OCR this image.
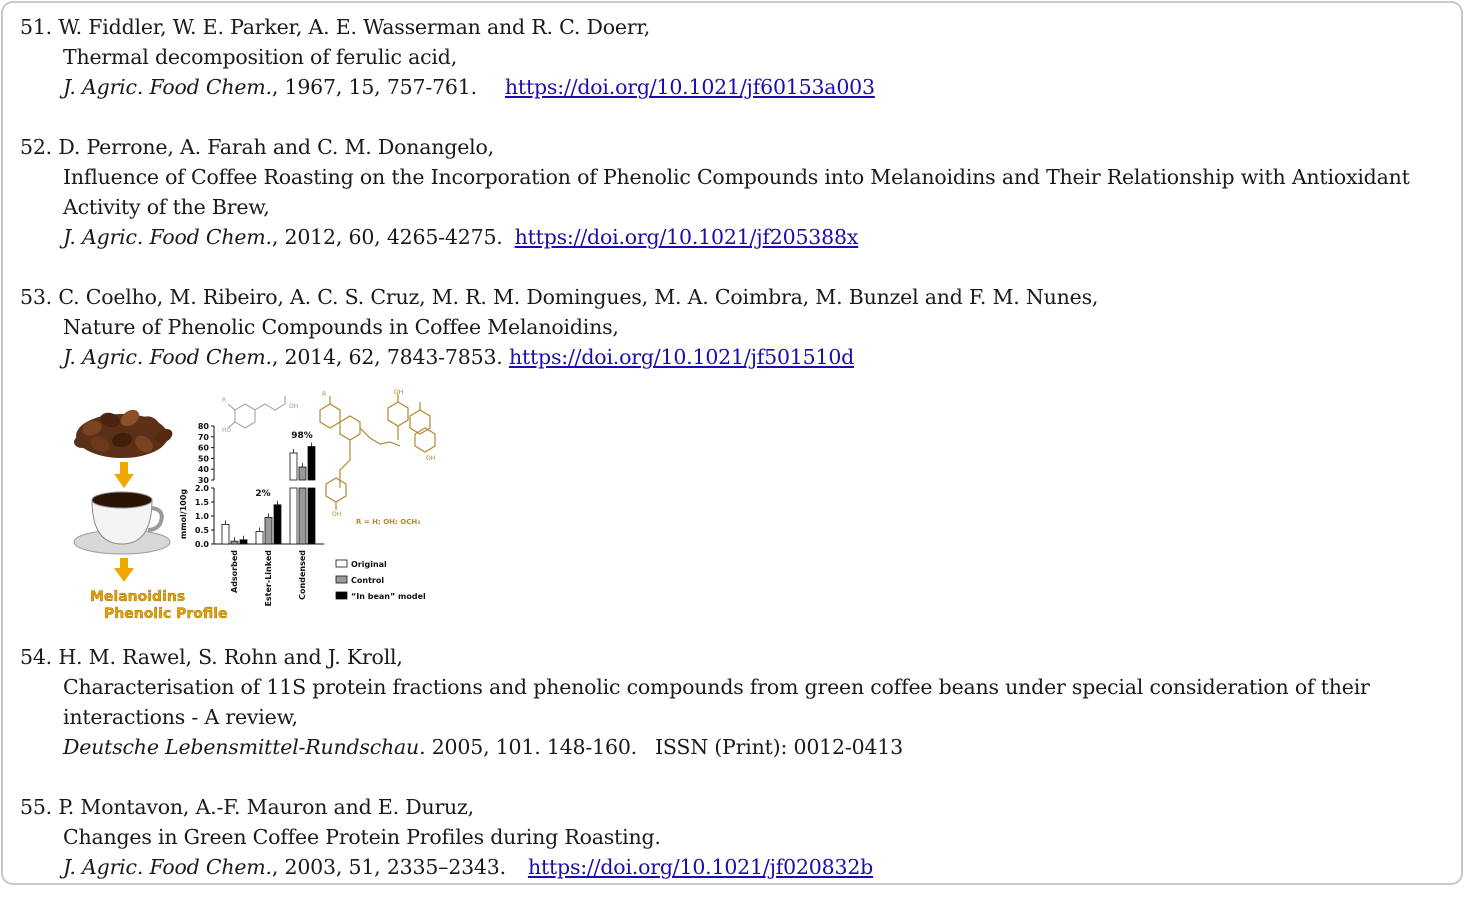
51. W. Fiddler, W. E. Parker, A. E. Wasserman and R. C. Doerr,
Thermal decomposition of ferulic acid,
J. Agric. Food Chem., 1967, 15, 757-761. https://doi.org/10.1021/jf60153a003
52. D. Perrone, A. Farah and C. M. Donangelo,
Influence of Coffee Roasting on the Incorporation of Phenolic Compounds into Melanoidins and Their Relationship with Antioxidant Activity of the Brew,
J. Agric. Food Chem., 2012, 60, 4265-4275. https://doi.org/10.1021/jf205388x
53. C. Coelho, M. Ribeiro, A. C. S. Cruz, M. R. M. Domingues, M. A. Coimbra, M. Bunzel and F. M. Nunes,
Nature of Phenolic Compounds in Coffee Melanoidins,
J. Agric. Food Chem., 2014, 62, 7843-7853. https://doi.org/10.1021/jf501510d
Melanoidins
Phenolic Profile
HO
R
OH
R	OH
OH
OH
R = H; OH; OCH₃
mmol/100g
0.0
0.5
1.0
1.5
2.0
30
40
50
60
70
80
Adsorbed	Ester-Linked	Condensed
2%
98%
Original
Control
“In bean” model
54. H. M. Rawel, S. Rohn and J. Kroll,
Characterisation of 11S protein fractions and phenolic compounds from green coffee beans under special consideration of their interactions - A review,
Deutsche Lebensmittel-Rundschau. 2005, 101. 148-160. ISSN (Print): 0012-0413
55. P. Montavon, A.-F. Mauron and E. Duruz,
Changes in Green Coffee Protein Profiles during Roasting.
J. Agric. Food Chem., 2003, 51, 2335–2343. https://doi.org/10.1021/jf020832b
